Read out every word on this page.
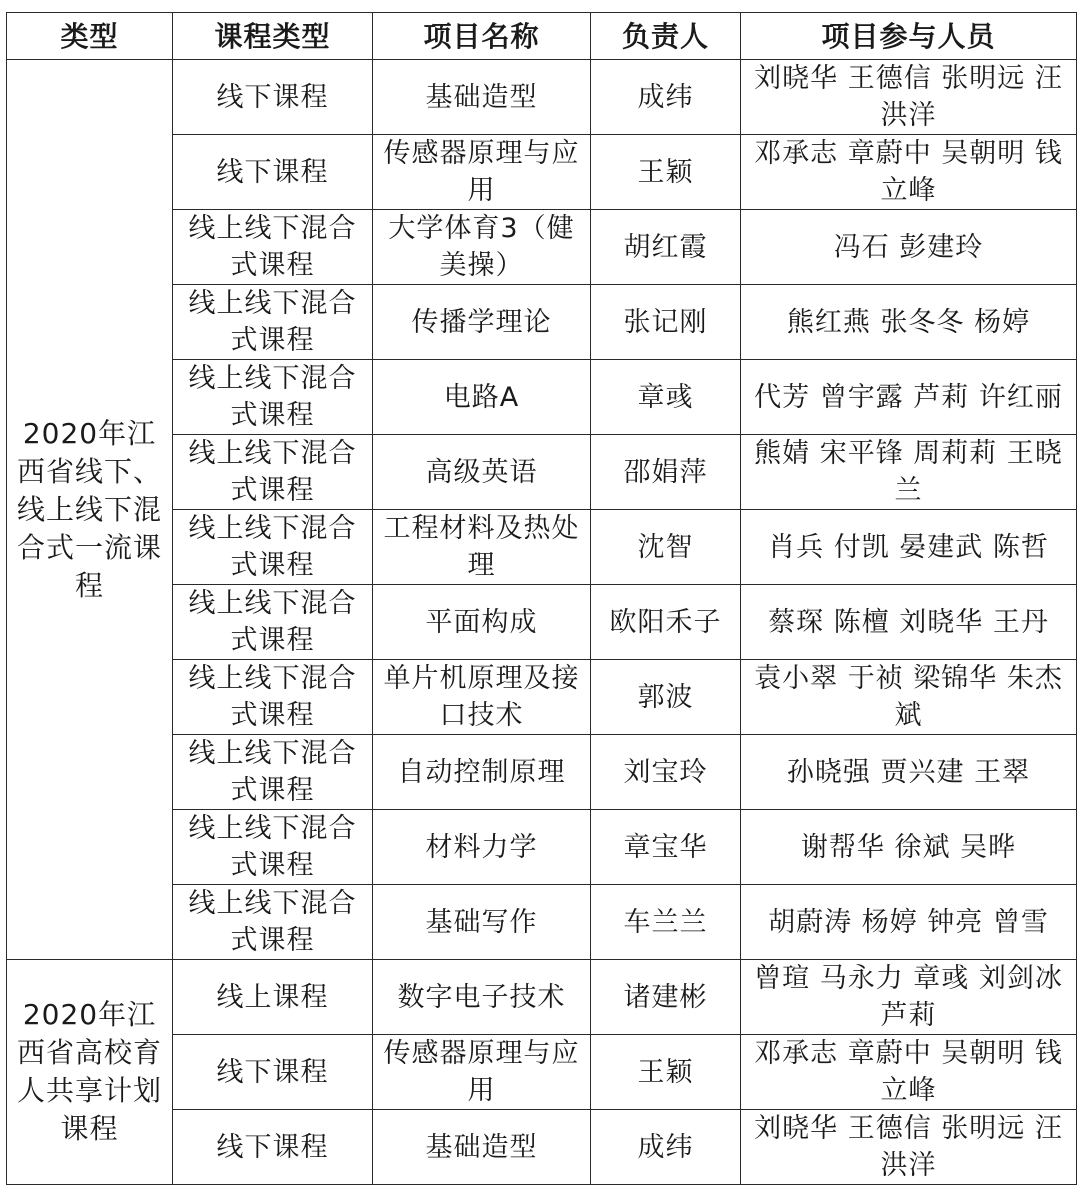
类型	课程类型	项目名称	负责人	项目参与人员
2020年江西省线下、线上线下混合式一流课程	线下课程	基础造型	成纬	刘晓华 王德信 张明远 汪洪洋
	线下课程	传感器原理与应用	王颖	邓承志 章蔚中 吴朝明 钱立峰
	线上线下混合式课程	大学体育3（健美操）	胡红霞	冯石 彭建玲
	线上线下混合式课程	传播学理论	张记刚	熊红燕 张冬冬 杨婷
	线上线下混合式课程	电路A	章彧	代芳 曾宇露 芦莉 许红丽
	线上线下混合式课程	高级英语	邵娟萍	熊婧 宋平锋 周莉莉 王晓兰
	线上线下混合式课程	工程材料及热处理	沈智	肖兵 付凯 晏建武 陈哲
	线上线下混合式课程	平面构成	欧阳禾子	蔡琛 陈檀 刘晓华 王丹
	线上线下混合式课程	单片机原理及接口技术	郭波	袁小翠 于祯 梁锦华 朱杰斌
	线上线下混合式课程	自动控制原理	刘宝玲	孙晓强 贾兴建 王翠
	线上线下混合式课程	材料力学	章宝华	谢帮华 徐斌 吴晔
	线上线下混合式课程	基础写作	车兰兰	胡蔚涛 杨婷 钟亮 曾雪
2020年江西省高校育人共享计划课程	线上课程	数字电子技术	诸建彬	曾瑄 马永力 章彧 刘剑冰 芦莉
	线下课程	传感器原理与应用	王颖	邓承志 章蔚中 吴朝明 钱立峰
	线下课程	基础造型	成纬	刘晓华 王德信 张明远 汪洪洋
